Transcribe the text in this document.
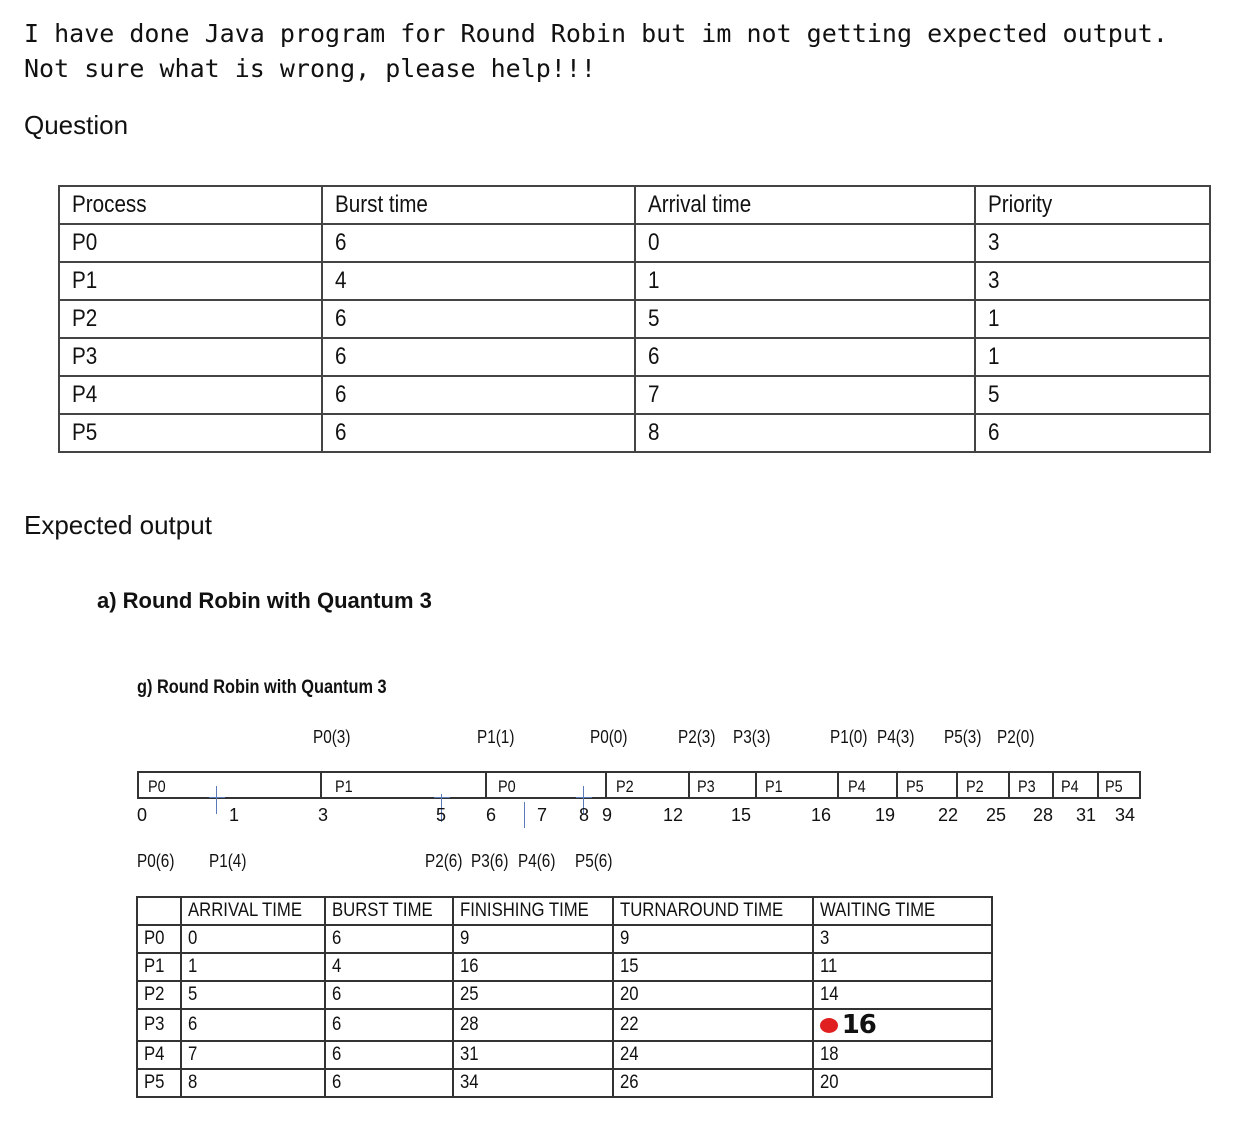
I have done Java program for Round Robin but im not getting expected output.
Not sure what is wrong, please help!!!
Question
Process	Burst time	Arrival time	Priority
P0	6	0	3
P1	4	1	3
P2	6	5	1
P3	6	6	1
P4	6	7	5
P5	6	8	6
Expected output
a) Round Robin with Quantum 3
g) Round Robin with Quantum 3
P0(3)	P1(1)	P0(0)	P2(3) P3(3)	P1(0) P4(3) P5(3) P2(0)
P0	P1	P0	P2	P3	P1	P4 P5 P2 P3 P4 P5
0	1	3	5 6 7 8 9	12	15	16 19 22 25 28 31 34
P0(6) P1(4)	P2(6) P3(6) P4(6) P5(6)
	ARRIVAL TIME	BURST TIME	FINISHING TIME	TURNAROUND TIME	WAITING TIME
P0	0	6	9	9	3
P1	1	4	16	15	11
P2	5	6	25	20	14
P3	6	6	28	22	16
P4	7	6	31	24	18
P5	8	6	34	26	20
